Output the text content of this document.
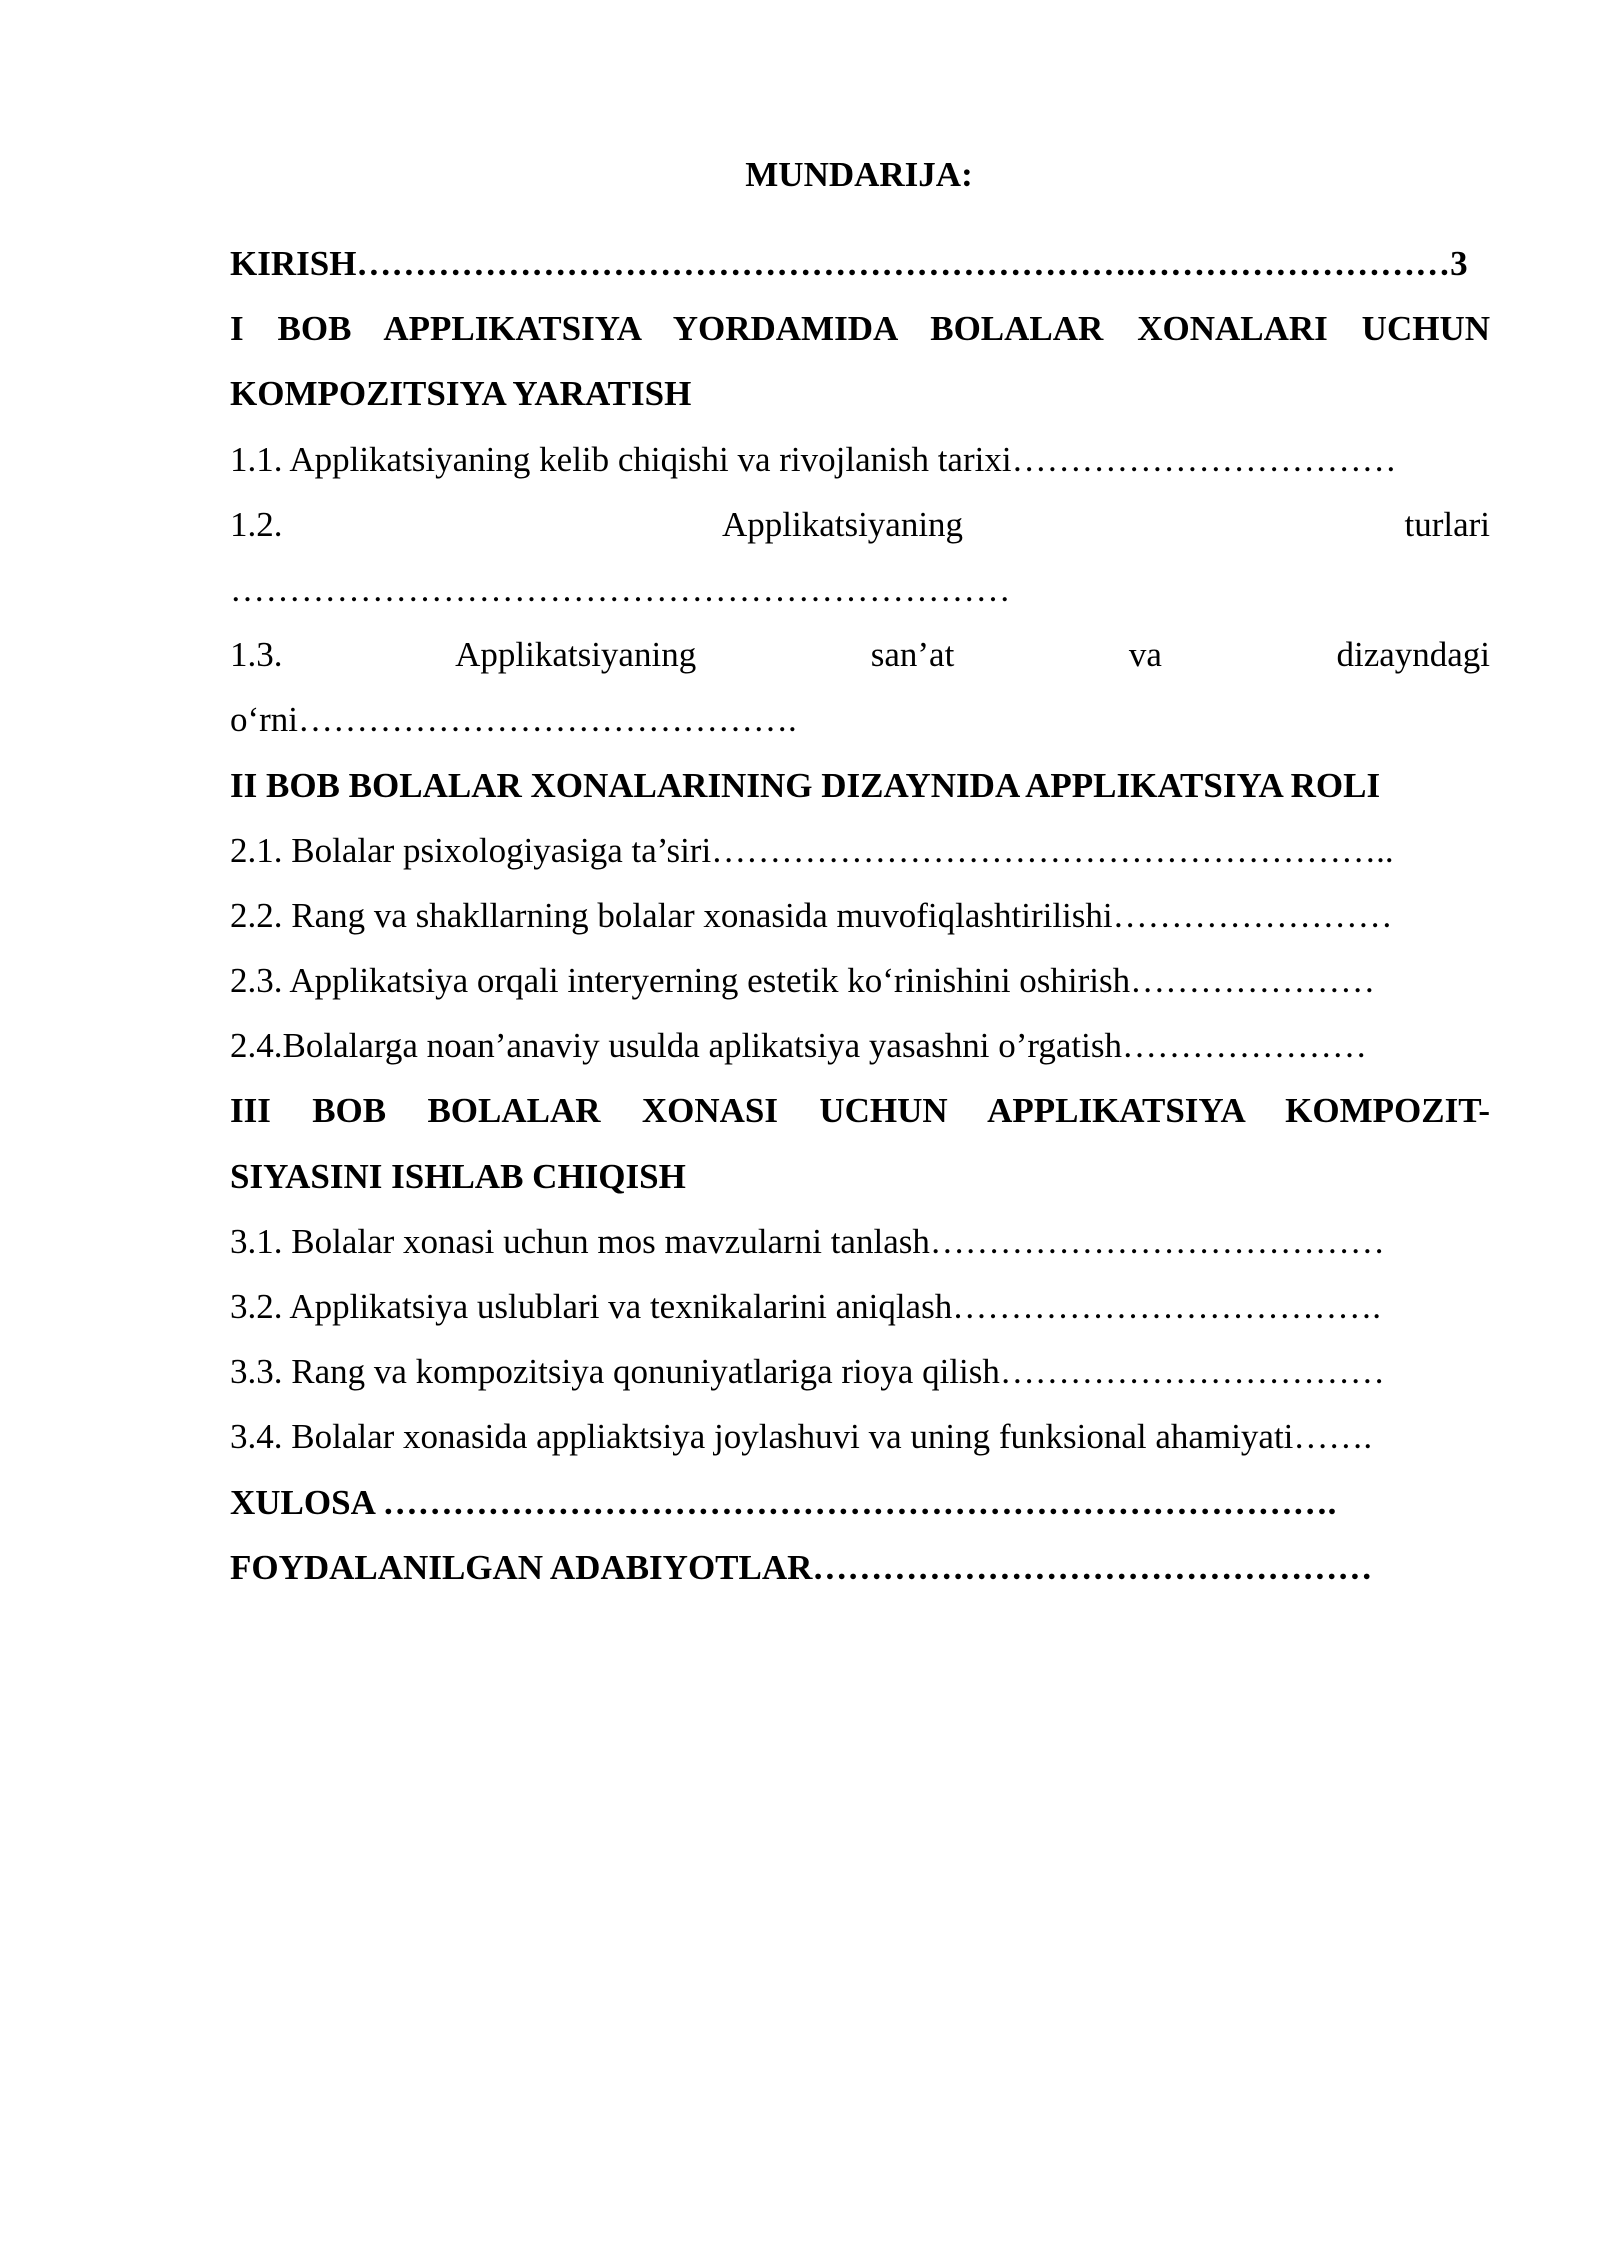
MUNDARIJA:
KIRISH………………………………………………………….………………………3
I BOB APPLIKATSIYA YORDAMIDA BOLALAR XONALARI UCHUN
KOMPOZITSIYA YARATISH
1.1. Applikatsiyaning kelib chiqishi va rivojlanish tarixi……………………………
1.2.	Applikatsiyaning	turlari
…………………………………………………………
1.3.	Applikatsiyaning	san’at	va	dizayndagi
o‘rni…………………………………….
II BOB BOLALAR XONALARINING DIZAYNIDA APPLIKATSIYA ROLI
2.1. Bolalar psixologiyasiga ta’siri…………………………………………………..
2.2. Rang va shakllarning bolalar xonasida muvofiqlashtirilishi……………………
2.3. Applikatsiya orqali interyerning estetik ko‘rinishini oshirish…………………
2.4.Bolalarga noan’anaviy usulda aplikatsiya yasashni o’rgatish…………………
III BOB BOLALAR XONASI UCHUN APPLIKATSIYA KOMPOZIT-
SIYASINI ISHLAB CHIQISH
3.1. Bolalar xonasi uchun mos mavzularni tanlash…………………………………
3.2. Applikatsiya uslublari va texnikalarini aniqlash……………………………….
3.3. Rang va kompozitsiya qonuniyatlariga rioya qilish……………………………
3.4. Bolalar xonasida appliaktsiya joylashuvi va uning funksional ahamiyati…….
XULOSA ……………………………………………………………………….
FOYDALANILGAN ADABIYOTLAR…………………………………………
